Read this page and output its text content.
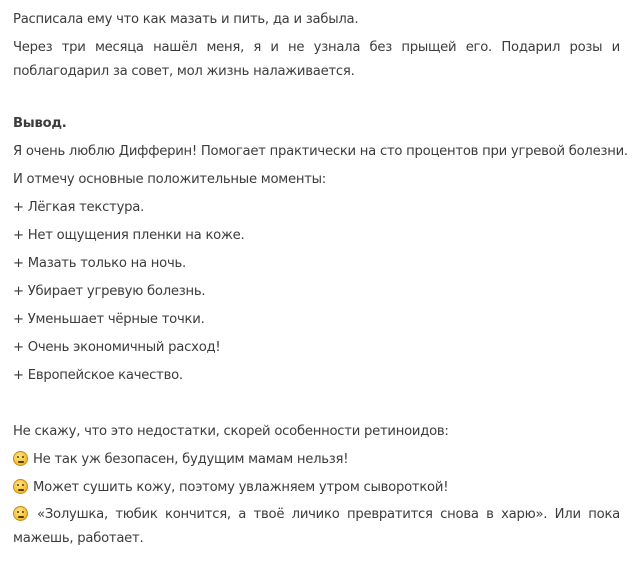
Расписала ему что как мазать и пить, да и забыла.
Через три месяца нашёл меня, я и не узнала без прыщей его. Подарил розы и поблагодарил за совет, мол жизнь налаживается.
Вывод.
Я очень люблю Дифферин! Помогает практически на сто процентов при угревой болезни.
И отмечу основные положительные моменты:
+ Лёгкая текстура.
+ Нет ощущения пленки на коже.
+ Мазать только на ночь.
+ Убирает угревую болезнь.
+ Уменьшает чёрные точки.
+ Очень экономичный расход!
+ Европейское качество.
Не скажу, что это недостатки, скорей особенности ретиноидов:
Не так уж безопасен, будущим мамам нельзя!
Может сушить кожу, поэтому увлажняем утром сывороткой!
«Золушка, тюбик кончится, а твоё личико превратится снова в харю». Или пока мажешь, работает.
